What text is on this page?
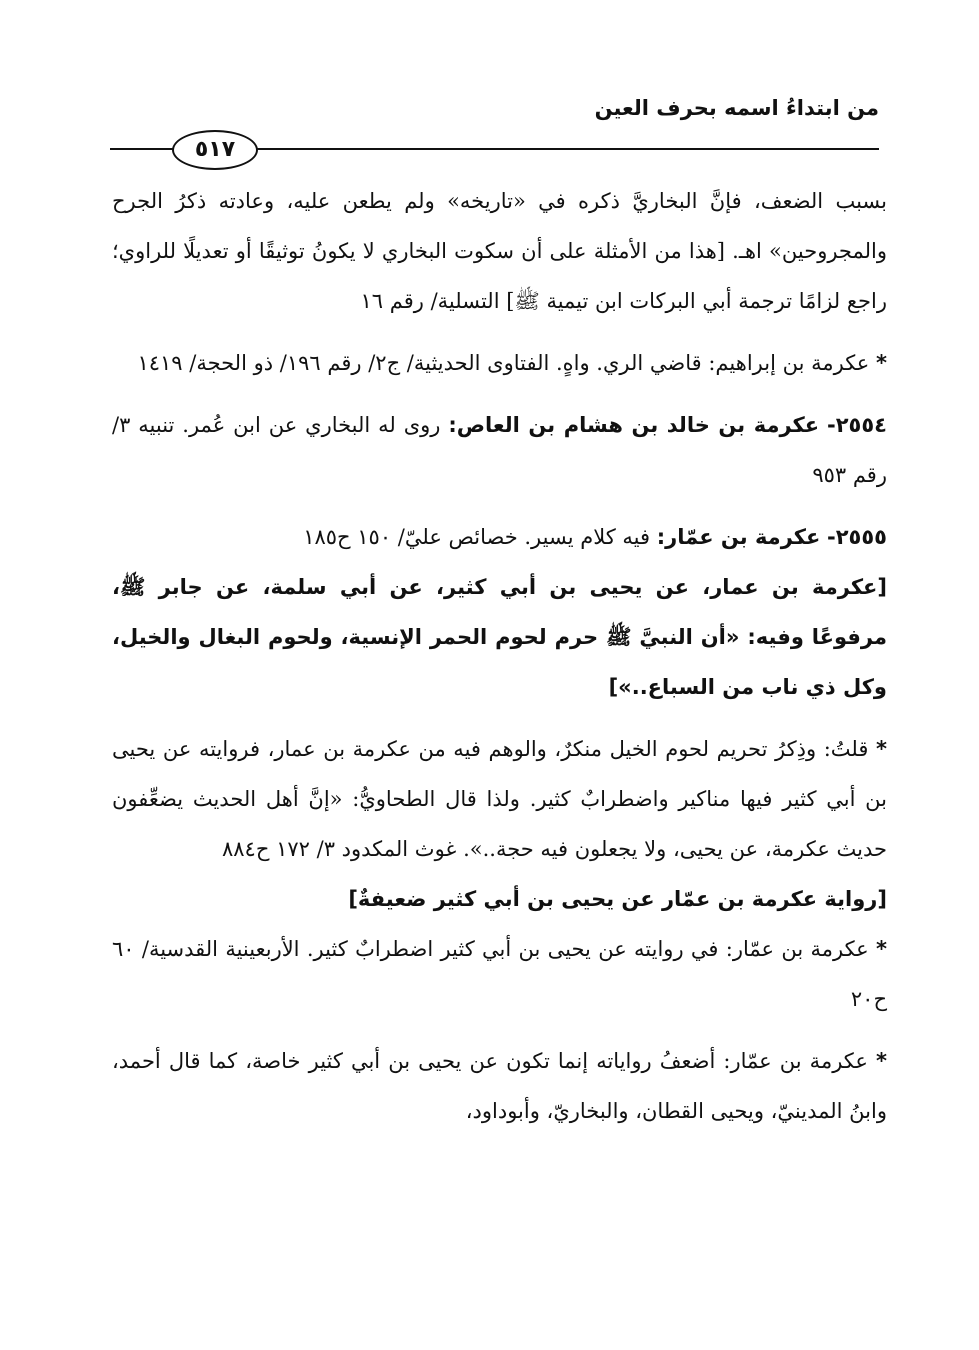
من ابتداءُ اسمه بحرف العين
٥١٧

بسبب الضعف، فإنَّ البخاريَّ ذكره في «تاريخه» ولم يطعن عليه، وعادته ذكرُ الجرح والمجروحين» اهـ. [هذا من الأمثلة على أن سكوت البخاري لا يكونُ توثيقًا أو تعديلًا للراوي؛ راجع لزامًا ترجمة أبي البركات ابن تيمية ﷺ] التسلية/ رقم ١٦

* عكرمة بن إبراهيم: قاضي الري. واهٍ. الفتاوى الحديثية/ ج٢/ رقم ١٩٦/ ذو الحجة/ ١٤١٩

٢٥٥٤- عكرمة بن خالد بن هشام بن العاص: روى له البخاري عن ابن عُمر. تنبيه ٣/ رقم ٩٥٣

٢٥٥٥- عكرمة بن عمّار: فيه كلام يسير. خصائص عليّ/ ١٥٠ ح١٨٥

[عكرمة بن عمار، عن يحيى بن أبي كثير، عن أبي سلمة، عن جابر ﷺ، مرفوعًا وفيه: «أن النبيَّ ﷺ حرم لحوم الحمر الإنسية، ولحوم البغال والخيل، وكل ذي ناب من السباع..»]

* قلتُ: وذِكرُ تحريم لحوم الخيل منكرٌ، والوهم فيه من عكرمة بن عمار، فروايته عن يحيى بن أبي كثير فيها مناكير واضطرابٌ كثير. ولذا قال الطحاويُّ: «إنَّ أهل الحديث يضعِّفون حديث عكرمة، عن يحيى، ولا يجعلون فيه حجة..». غوث المكدود ٣/ ١٧٢ ح٨٨٤

[رواية عكرمة بن عمّار عن يحيى بن أبي كثير ضعيفةٌ]

* عكرمة بن عمّار: في روايته عن يحيى بن أبي كثير اضطرابٌ كثير. الأربعينية القدسية/ ٦٠ ح٢٠

* عكرمة بن عمّار: أضعفُ رواياته إنما تكون عن يحيى بن أبي كثير خاصة، كما قال أحمد، وابنُ المدينيّ، ويحيى القطان، والبخاريّ، وأبوداود،
